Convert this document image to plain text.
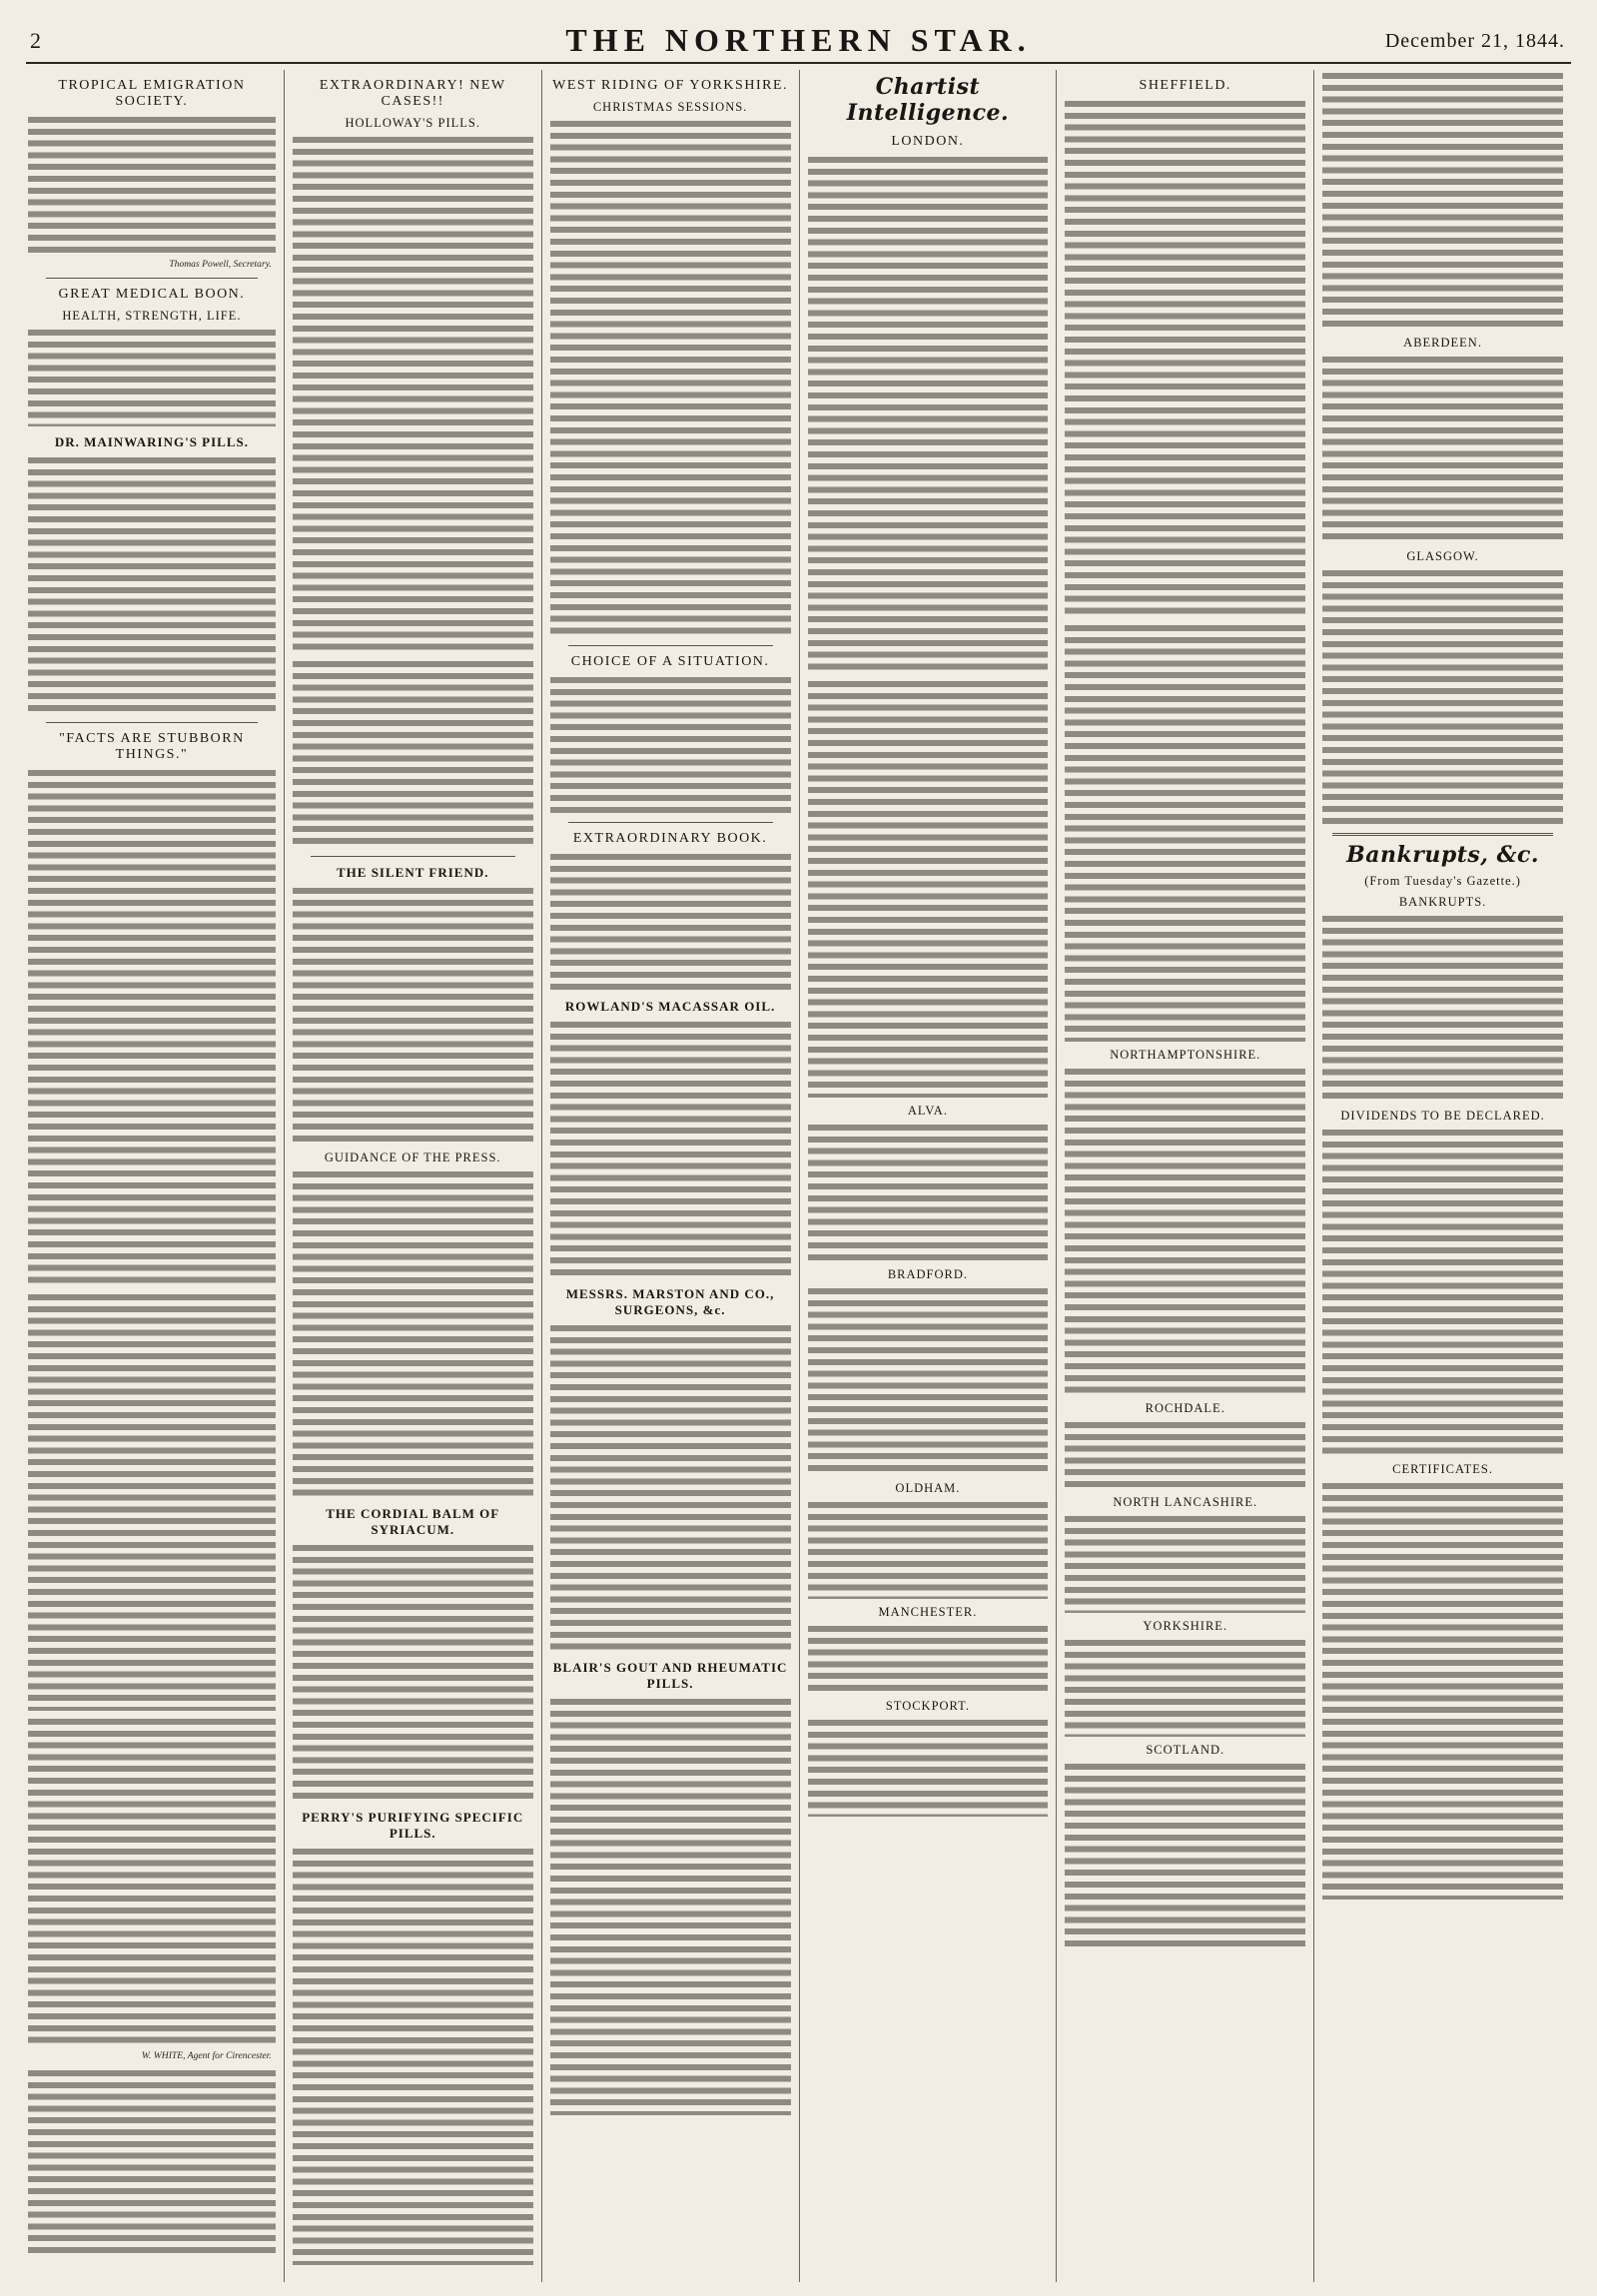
2	THE NORTHERN STAR.	December 21, 1844.
TROPICAL EMIGRATION SOCIETY.
Thomas Powell, Secretary.
GREAT MEDICAL BOON.
HEALTH, STRENGTH, LIFE.
DR. MAINWARING'S PILLS.
"FACTS ARE STUBBORN THINGS."
W. WHITE, Agent for Cirencester.
EXTRAORDINARY! NEW CASES!!
HOLLOWAY'S PILLS.
THE SILENT FRIEND.
GUIDANCE OF THE PRESS.
THE CORDIAL BALM OF SYRIACUM.
PERRY'S PURIFYING SPECIFIC PILLS.
WEST RIDING OF YORKSHIRE.
CHRISTMAS SESSIONS.
CHOICE OF A SITUATION.
EXTRAORDINARY BOOK.
ROWLAND'S MACASSAR OIL.
MESSRS. MARSTON AND CO., SURGEONS, &c.
BLAIR'S GOUT AND RHEUMATIC PILLS.
Chartist Intelligence.
LONDON.
ALVA.
BRADFORD.
OLDHAM.
MANCHESTER.
STOCKPORT.
SHEFFIELD.
NORTHAMPTONSHIRE.
ROCHDALE.
NORTH LANCASHIRE.
YORKSHIRE.
SCOTLAND.
ABERDEEN.
GLASGOW.
Bankrupts, &c.
(From Tuesday's Gazette.)
BANKRUPTS.
DIVIDENDS TO BE DECLARED.
CERTIFICATES.
